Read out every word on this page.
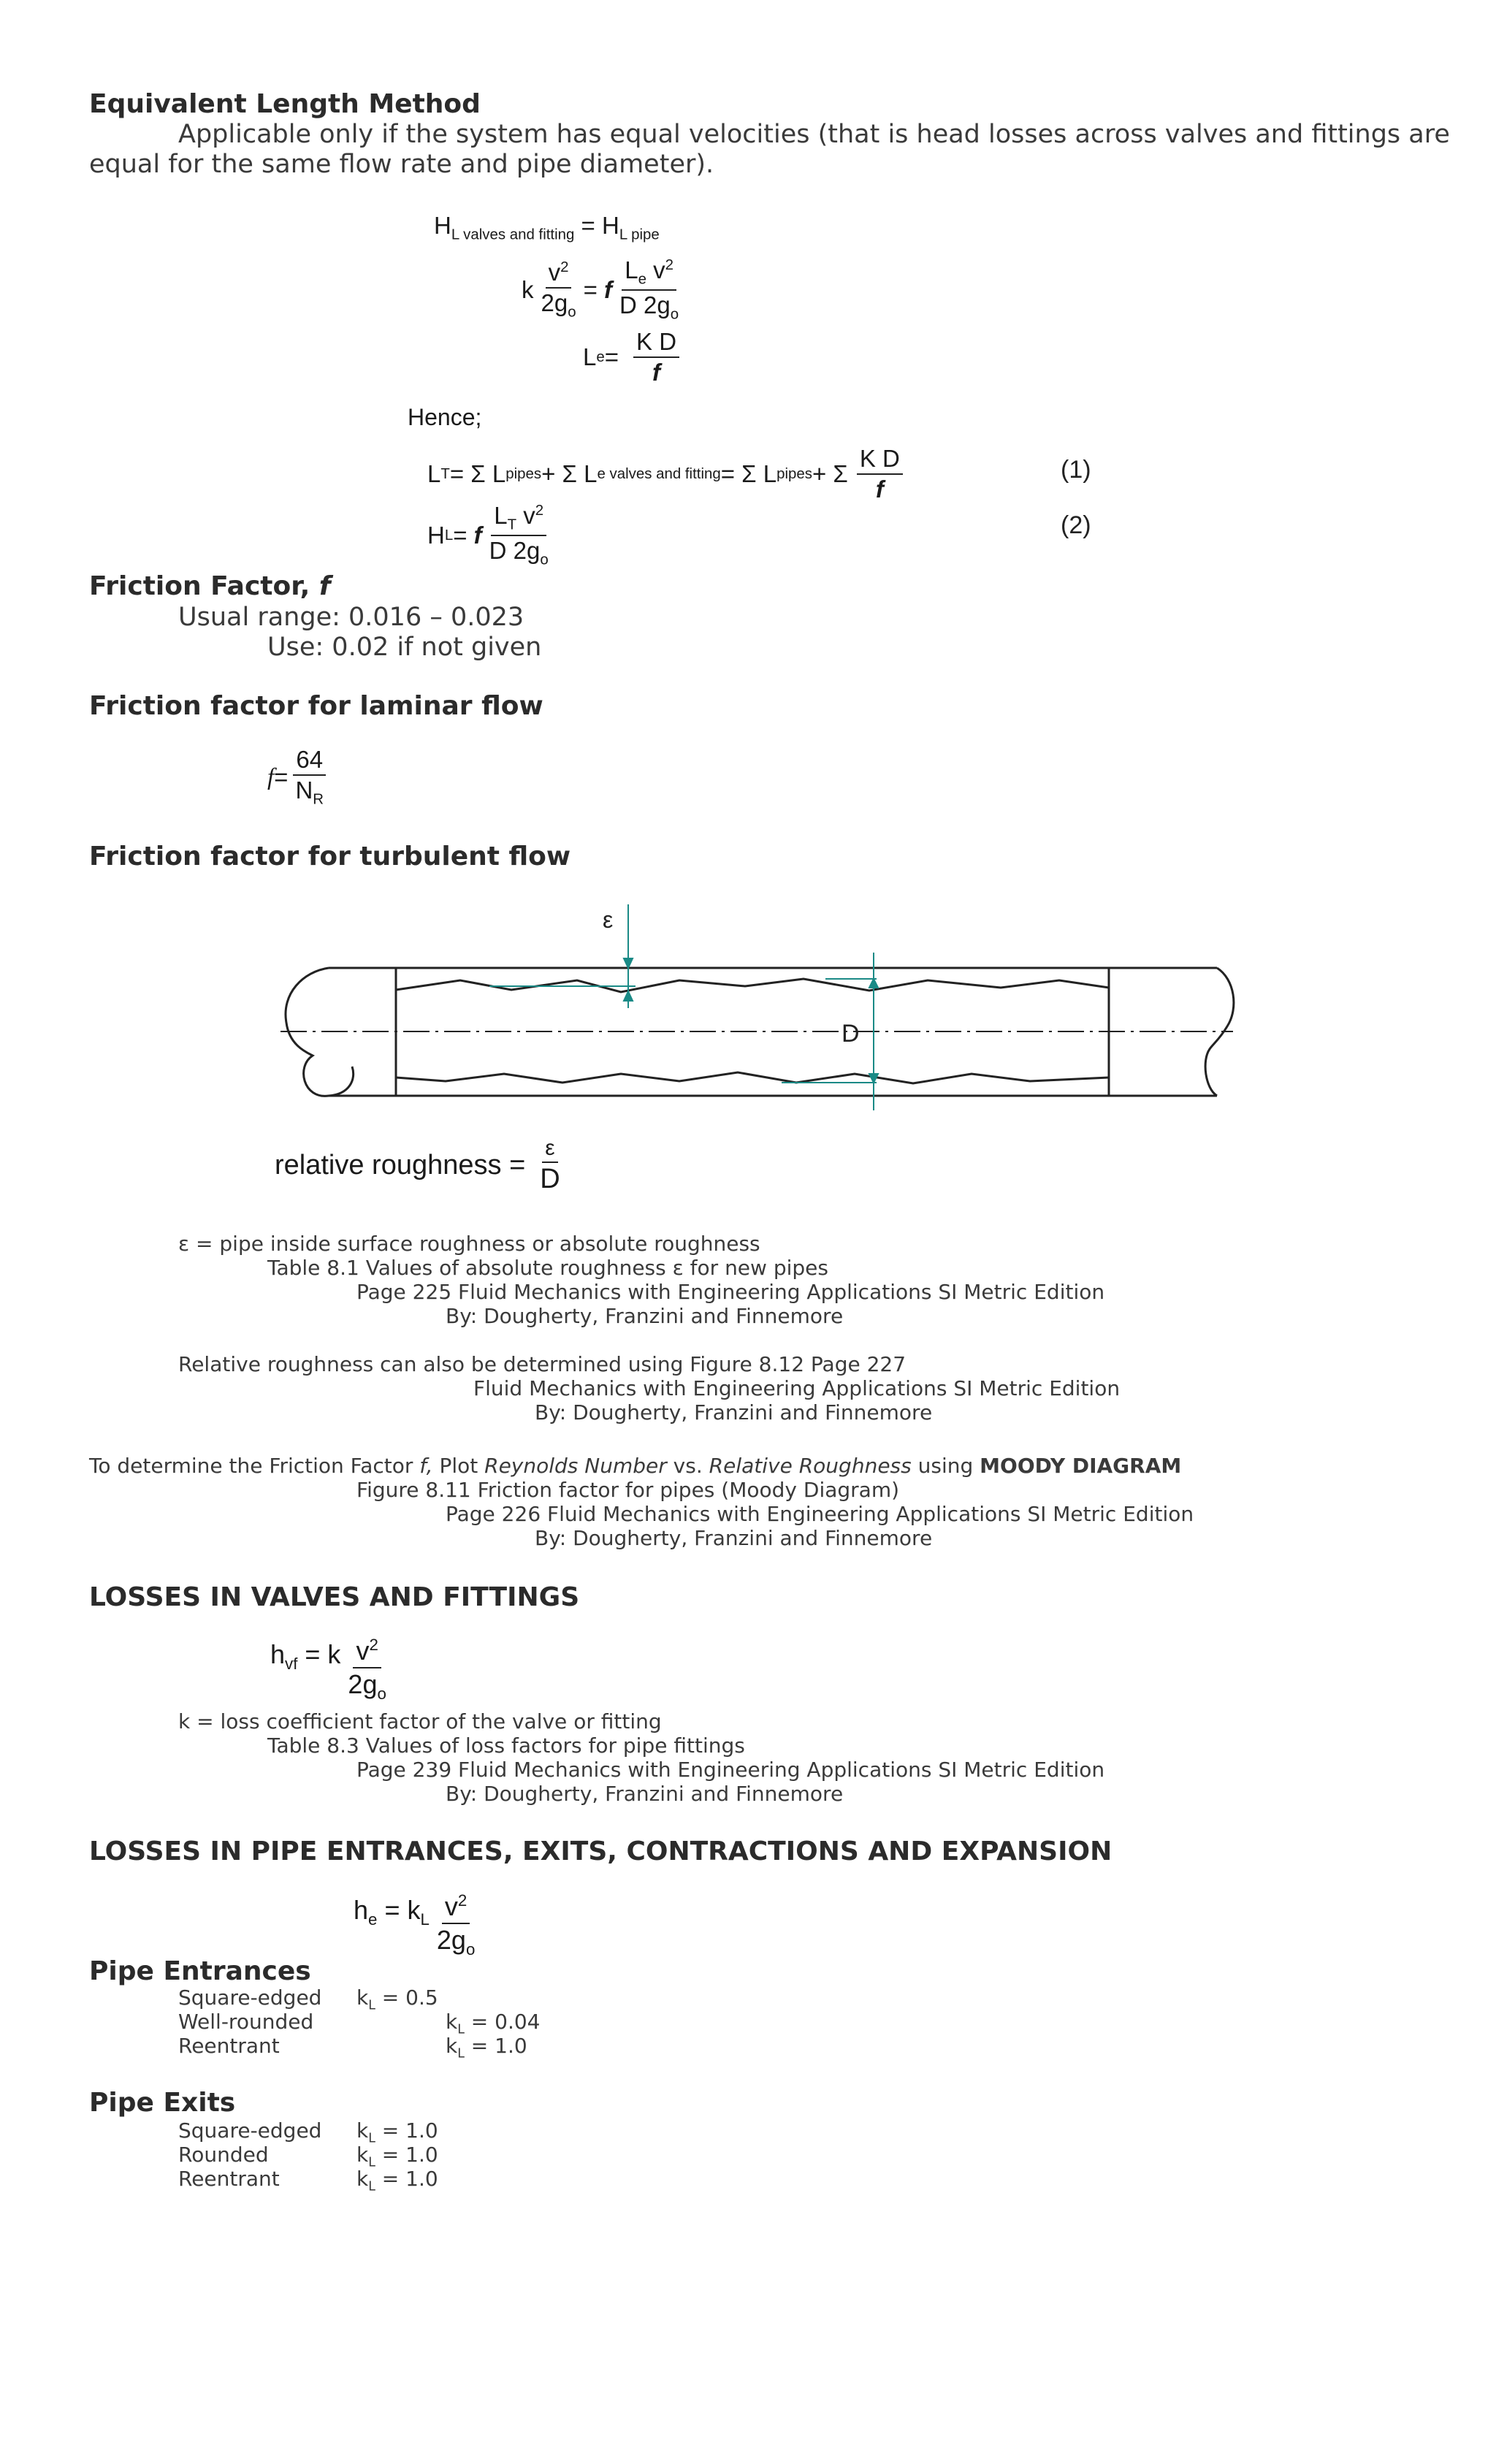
Equivalent Length Method
Applicable only if the system has equal velocities (that is head losses across valves and fittings are
equal for the same flow rate and pipe diameter).
$H_{L valves and fitting} = H_{L pipe}$
k $\frac{v^2}{2g_o}$ =
f $\frac{L_e v^2}{D 2g_o}$
L $e = \frac{\text{K D}}{f}$
Hence;
L T = Σ L pipes + Σ L e valves and fitting = Σ L pipes + Σ $\frac{\text{K D}}{f}$	(1)
H L =
f $\frac{L_T v^2}{D 2g_o}$	(2)
Friction Factor, f
Usual range: 0.016 – 0.023
Use: 0.02 if not given
Friction factor for laminar flow
$f = \frac{64}{N_R}$
Friction factor for turbulent flow
ε
D
relative roughness = $\frac{\varepsilon}{D}$
ε = pipe inside surface roughness or absolute roughness
Table 8.1 Values of absolute roughness ε for new pipes
Page 225 Fluid Mechanics with Engineering Applications SI Metric Edition
By: Dougherty, Franzini and Finnemore
Relative roughness can also be determined using Figure 8.12 Page 227
Fluid Mechanics with Engineering Applications SI Metric Edition
By: Dougherty, Franzini and Finnemore
To determine the Friction Factor f, Plot Reynolds Number vs. Relative Roughness using MOODY DIAGRAM
Figure 8.11 Friction factor for pipes (Moody Diagram)
Page 226 Fluid Mechanics with Engineering Applications SI Metric Edition
By: Dougherty, Franzini and Finnemore
LOSSES IN VALVES AND FITTINGS
$h_{vf} = k \frac{v^2}{2g_o}$
k = loss coefficient factor of the valve or fitting
Table 8.3 Values of loss factors for pipe fittings
Page 239 Fluid Mechanics with Engineering Applications SI Metric Edition
By: Dougherty, Franzini and Finnemore
LOSSES IN PIPE ENTRANCES, EXITS, CONTRACTIONS AND EXPANSION
$h_e = k_L \frac{v^2}{2g_o}$
Pipe Entrances
Square-edged $k_L = 0.5$
Well-rounded	$k_L = 0.04$
Reentrant	$k_L = 1.0$
Pipe Exits
Square-edged $k_L = 1.0$
Rounded	$k_L = 1.0$
Reentrant	$k_L = 1.0$
